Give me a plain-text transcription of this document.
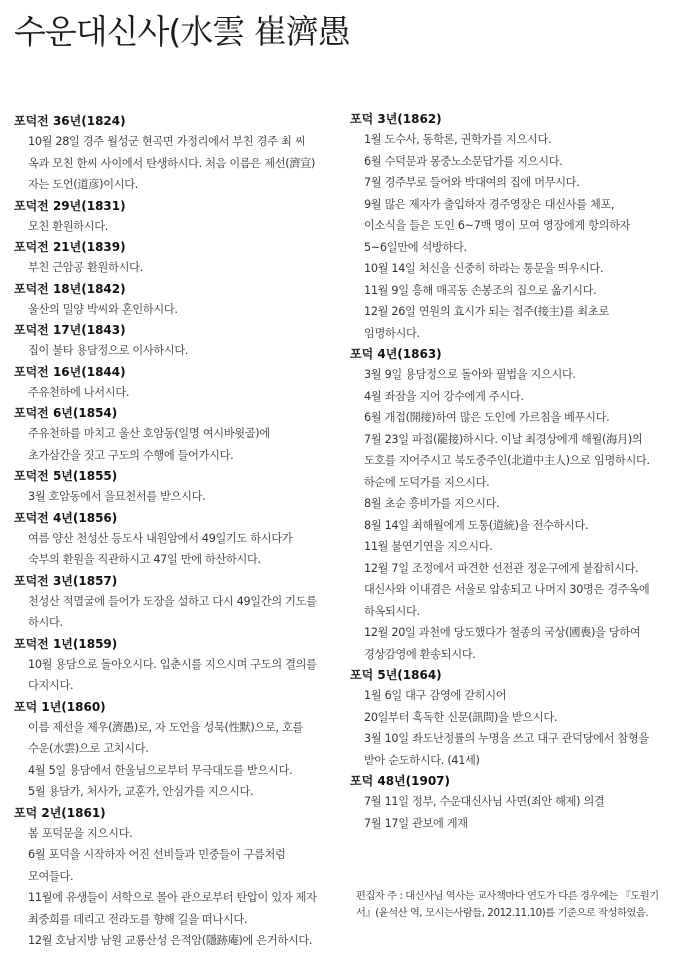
수운대신사(水雲 崔濟愚
포덕전 36년(1824)
10월 28일 경주 월성군 현곡면 가정리에서 부친 경주 최 씨
옥과 모친 한씨 사이에서 탄생하시다. 처음 이름은 제선(濟宣)
자는 도언(道彦)이시다.
포덕전 29년(1831)
모친 환원하시다.
포덕전 21년(1839)
부친 근암공 환원하시다.
포덕전 18년(1842)
울산의 밀양 박씨와 혼인하시다.
포덕전 17년(1843)
집이 불타 용담정으로 이사하시다.
포덕전 16년(1844)
주유천하에 나서시다.
포덕전 6년(1854)
주유천하를 마치고 울산 호암동(일명 여시바윗골)에
초가삼간을 짓고 구도의 수행에 들어가시다.
포덕전 5년(1855)
3월 호암동에서 을묘천서를 받으시다.
포덕전 4년(1856)
여름 양산 천성산 등도사 내원암에서 49일기도 하시다가
숙부의 환원을 직관하시고 47일 만에 하산하시다.
포덕전 3년(1857)
천성산 적멸굴에 들어가 도장을 설하고 다시 49일간의 기도를
하시다.
포덕전 1년(1859)
10월 용담으로 돌아오시다. 입춘시를 지으시며 구도의 결의를
다지시다.
포덕 1년(1860)
이름 제선을 제우(濟愚)로, 자 도언을 성묵(性默)으로, 호를
수운(水雲)으로 고치시다.
4월 5일 용담에서 한울님으로부터 무극대도를 받으시다.
5월 용담가, 처사가, 교훈가, 안심가를 지으시다.
포덕 2년(1861)
봄 포덕문을 지으시다.
6월 포덕을 시작하자 어진 선비들과 민중들이 구름처럼
모여들다.
11월에 유생들이 서학으로 몰아 관으로부터 탄압이 있자 제자
최중희를 데리고 전라도를 향해 길을 떠나시다.
12월 호남지방 남원 교룡산성 은적암(隱跡庵)에 은거하시다.
포덕 3년(1862)
1월 도수사, 동학론, 권학가를 지으시다.
6월 수덕문과 몽중노소문답가를 지으시다.
7월 경주부로 들어와 박대여의 집에 머무시다.
9월 많은 제자가 출입하자 경주영장은 대신사를 체포,
이소식을 들은 도인 6~7백 명이 모여 영장에게 항의하자
5~6일만에 석방하다.
10월 14일 처신을 신중히 하라는 통문을 띄우시다.
11월 9일 흥해 매곡동 손봉조의 집으로 옮기시다.
12월 26일 연원의 효시가 되는 접주(接主)를 최초로
임명하시다.
포덕 4년(1863)
3월 9일 용담정으로 돌아와 필법을 지으시다.
4월 좌잠을 지어 강수에게 주시다.
6월 개접(開接)하여 많은 도인에 가르침을 베푸시다.
7월 23일 파접(罷接)하시다. 이날 최경상에게 해월(海月)의
도호를 지어주시고 북도중주인(北道中主人)으로 임명하시다.
하순에 도덕가를 지으시다.
8월 초순 흥비가를 지으시다.
8월 14일 최해월에게 도통(道統)을 전수하시다.
11월 불연기연을 지으시다.
12월 7일 조정에서 파견한 선전관 정운구에게 붙잡히시다.
대신사와 이내겸은 서울로 압송되고 나머지 30명은 경주옥에
하옥되시다.
12월 20일 과천에 당도했다가 철종의 국상(國喪)을 당하여
경상감영에 환송되시다.
포덕 5년(1864)
1월 6일 대구 감영에 갇히시어
20일부터 혹독한 신문(訊問)을 받으시다.
3월 10일 좌도난정률의 누명을 쓰고 대구 관덕당에서 참형을
받아 순도하시다. (41세)
포덕 48년(1907)
7월 11일 정부, 수운대신사님 사면(죄안 해제) 의결
7월 17일 관보에 게재
편집자 주 : 대신사님 역사는 교사책마다 연도가 다른 경우에는 『도원기
서』(윤석산 역, 모시는사람들, 2012.11.10)를 기준으로 작성하였음.
